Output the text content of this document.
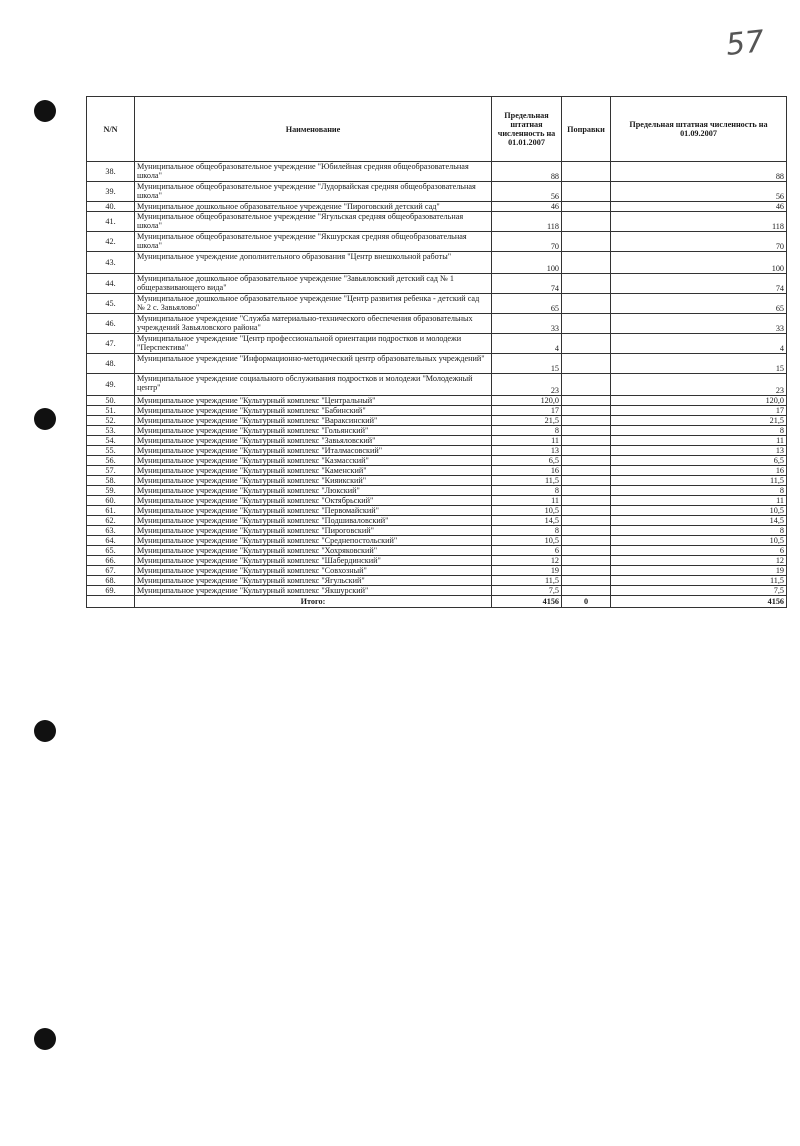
57
N/N	Наименование	Предельная штатная численность на 01.01.2007	Поправки	Предельная штатная численность на 01.09.2007
38.	Муниципальное общеобразовательное учреждение "Юбилейная средняя общеобразовательная школа"	88		88
39.	Муниципальное общеобразовательное учреждение "Лудорвайская средняя общеобразовательная школа"	56		56
40.	Муниципальное дошкольное образовательное учреждение "Пироговский детский сад"	46		46
41.	Муниципальное общеобразовательное учреждение "Ягульская средняя общеобразовательная школа"	118		118
42.	Муниципальное общеобразовательное учреждение "Якшурская средняя общеобразовательная школа"	70		70
43.	Муниципальное учреждение дополнительного образования "Центр внешкольной работы"	100		100
44.	Муниципальное дошкольное образовательное учреждение "Завьяловский детский сад № 1 общеразвивающего вида"	74		74
45.	Муниципальное дошкольное образовательное учреждение "Центр развития ребенка - детский сад № 2 с. Завьялово"	65		65
46.	Муниципальное учреждение "Служба материально-технического обеспечения образовательных учреждений Завьяловского района"	33		33
47.	Муниципальное учреждение "Центр профессиональной ориентации подростков и молодежи "Перспектива"	4		4
48.	Муниципальное учреждение "Информационно-методический центр образовательных учреждений"	15		15
49.	Муниципальное учреждение социального обслуживания подростков и молодежи "Молодежный центр"	23		23
50.	Муниципальное учреждение "Культурный комплекс "Центральный"	120,0		120,0
51.	Муниципальное учреждение "Культурный комплекс "Бабинский"	17		17
52.	Муниципальное учреждение "Культурный комплекс "Вараксинский"	21,5		21,5
53.	Муниципальное учреждение "Культурный комплекс "Гольянский"	8		8
54.	Муниципальное учреждение "Культурный комплекс "Завьяловский"	11		11
55.	Муниципальное учреждение "Культурный комплекс "Италмасовский"	13		13
56.	Муниципальное учреждение "Культурный комплекс "Казмасский"	6,5		6,5
57.	Муниципальное учреждение "Культурный комплекс "Каменский"	16		16
58.	Муниципальное учреждение "Культурный комплекс "Кияикский"	11,5		11,5
59.	Муниципальное учреждение "Культурный комплекс "Люкский"	8		8
60.	Муниципальное учреждение "Культурный комплекс "Октябрьский"	11		11
61.	Муниципальное учреждение "Культурный комплекс "Первомайский"	10,5		10,5
62.	Муниципальное учреждение "Культурный комплекс "Подшиваловский"	14,5		14,5
63.	Муниципальное учреждение "Культурный комплекс "Пироговский"	8		8
64.	Муниципальное учреждение "Культурный комплекс "Среднепостольский"	10,5		10,5
65.	Муниципальное учреждение "Культурный комплекс "Хохряковский"	6		6
66.	Муниципальное учреждение "Культурный комплекс "Шабердинский"	12		12
67.	Муниципальное учреждение "Культурный комплекс "Совхозный"	19		19
68.	Муниципальное учреждение "Культурный комплекс "Ягульский"	11,5		11,5
69.	Муниципальное учреждение "Культурный комплекс "Якшурский"	7,5		7,5
	Итого:	4156	0	4156
